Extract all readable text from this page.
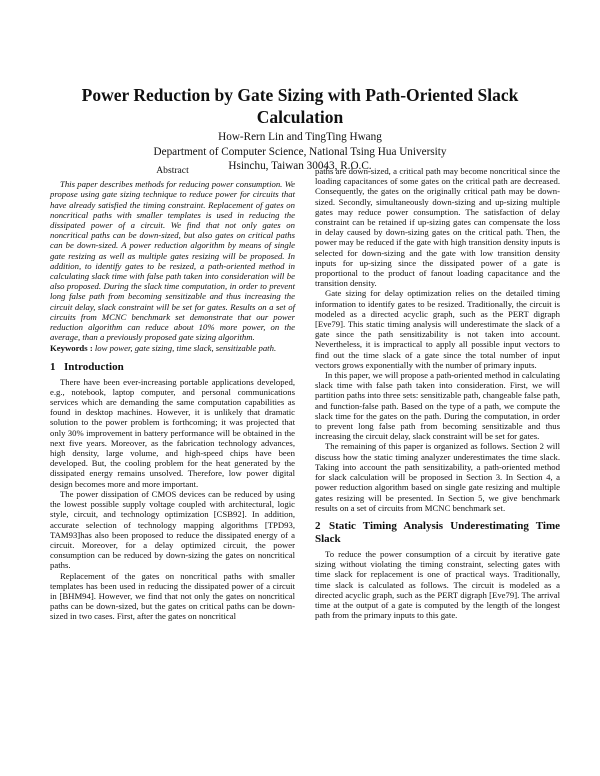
Power Reduction by Gate Sizing with Path-Oriented Slack Calculation
How-Rern Lin and TingTing Hwang
Department of Computer Science, National Tsing Hua University
Hsinchu, Taiwan 30043, R.O.C.
Abstract

This paper describes methods for reducing power consumption. We propose using gate sizing technique to reduce power for circuits that have already satisfied the timing constraint. Replacement of gates on noncritical paths with smaller templates is used in reducing the dissipated power of a circuit. We find that not only gates on noncritical paths can be down-sized, but also gates on critical paths can be down-sized. A power reduction algorithm by means of single gate resizing as well as multiple gates resizing will be proposed. In addition, to identify gates to be resized, a path-oriented method in calculating slack time with false path taken into consideration will be also proposed. During the slack time computation, in order to prevent long false path from becoming sensitizable and thus increasing the circuit delay, slack constraint will be set for gates. Results on a set of circuits from MCNC benchmark set demonstrate that our power reduction algorithm can reduce about 10% more power, on the average, than a previously proposed gate sizing algorithm.

Keywords : low power, gate sizing, time slack, sensitizable path.

1 Introduction

There have been ever-increasing portable applications developed, e.g., notebook, laptop computer, and personal communications services which are demanding the same computation capabilities as found in desktop machines. However, it is unlikely that dramatic solution to the power problem is forthcoming; it was projected that only 30% improvement in battery performance will be obtained in the next five years. Moreover, as the fabrication technology advances, high density, large volume, and high-speed chips have been developed. But, the cooling problem for the heat generated by the dissipated energy remains unsolved. Therefore, low power digital design becomes more and more important.

The power dissipation of CMOS devices can be reduced by using the lowest possible supply voltage coupled with architectural, logic style, circuit, and technology optimization [CSB92]. In addition, accurate selection of technology mapping algorithms [TPD93, TAM93]has also been proposed to reduce the dissipated energy of a circuit. Moreover, for a delay optimized circuit, the power consumption can be reduced by down-sizing the gates on noncritical paths.

Replacement of the gates on noncritical paths with smaller templates has been used in reducing the dissipated power of a circuit in [BHM94]. However, we find that not only the gates on noncritical paths can be down-sized, but the gates on critical paths can be down-sized in two cases. First, after the gates on noncritical

paths are down-sized, a critical path may become noncritical since the loading capacitances of some gates on the critical path are decreased. Consequently, the gates on the originally critical path may be down-sized. Secondly, simultaneously down-sizing and up-sizing multiple gates may reduce power consumption. The satisfaction of delay constraint can be retained if up-sizing gates can compensate the loss in delay caused by down-sizing gates on the critical path. Then, the power may be reduced if the gate with high transition density inputs is selected for down-sizing and the gate with low transition density inputs for up-sizing since the dissipated power of a gate is proportional to the product of fanout loading capacitance and the transition density.

Gate sizing for delay optimization relies on the detailed timing information to identify gates to be resized. Traditionally, the circuit is modeled as a directed acyclic graph, such as the PERT digraph [Eve79]. This static timing analysis will underestimate the slack of a gate since the path sensitizability is not taken into account. Nevertheless, it is impractical to apply all possible input vectors to find out the time slack of a gate since the total number of input vectors grows exponentially with the number of primary inputs.

In this paper, we will propose a path-oriented method in calculating slack time with false path taken into consideration. First, we will partition paths into three sets: sensitizable path, changeable false path, and function-false path. Based on the type of a path, we compute the slack time for the gates on the path. During the computation, in order to prevent long false path from becoming sensitizable and thus increasing the circuit delay, slack constraint will be set for gates.

The remaining of this paper is organized as follows. Section 2 will discuss how the static timing analyzer underestimates the time slack. Taking into account the path sensitizability, a path-oriented method for slack calculation will be proposed in Section 3. In Section 4, a power reduction algorithm based on single gate resizing and multiple gates resizing will be presented. In Section 5, we give benchmark results on a set of circuits from MCNC benchmark set.

2 Static Timing Analysis Underestimating Time Slack

To reduce the power consumption of a circuit by iterative gate sizing without violating the timing constraint, selecting gates with time slack for replacement is one of practical ways. Traditionally, time slack is calculated as follows. The circuit is modeled as a directed acyclic graph, such as the PERT digraph [Eve79]. The arrival time at the output of a gate is computed by the length of the longest path from the primary inputs to this gate.
